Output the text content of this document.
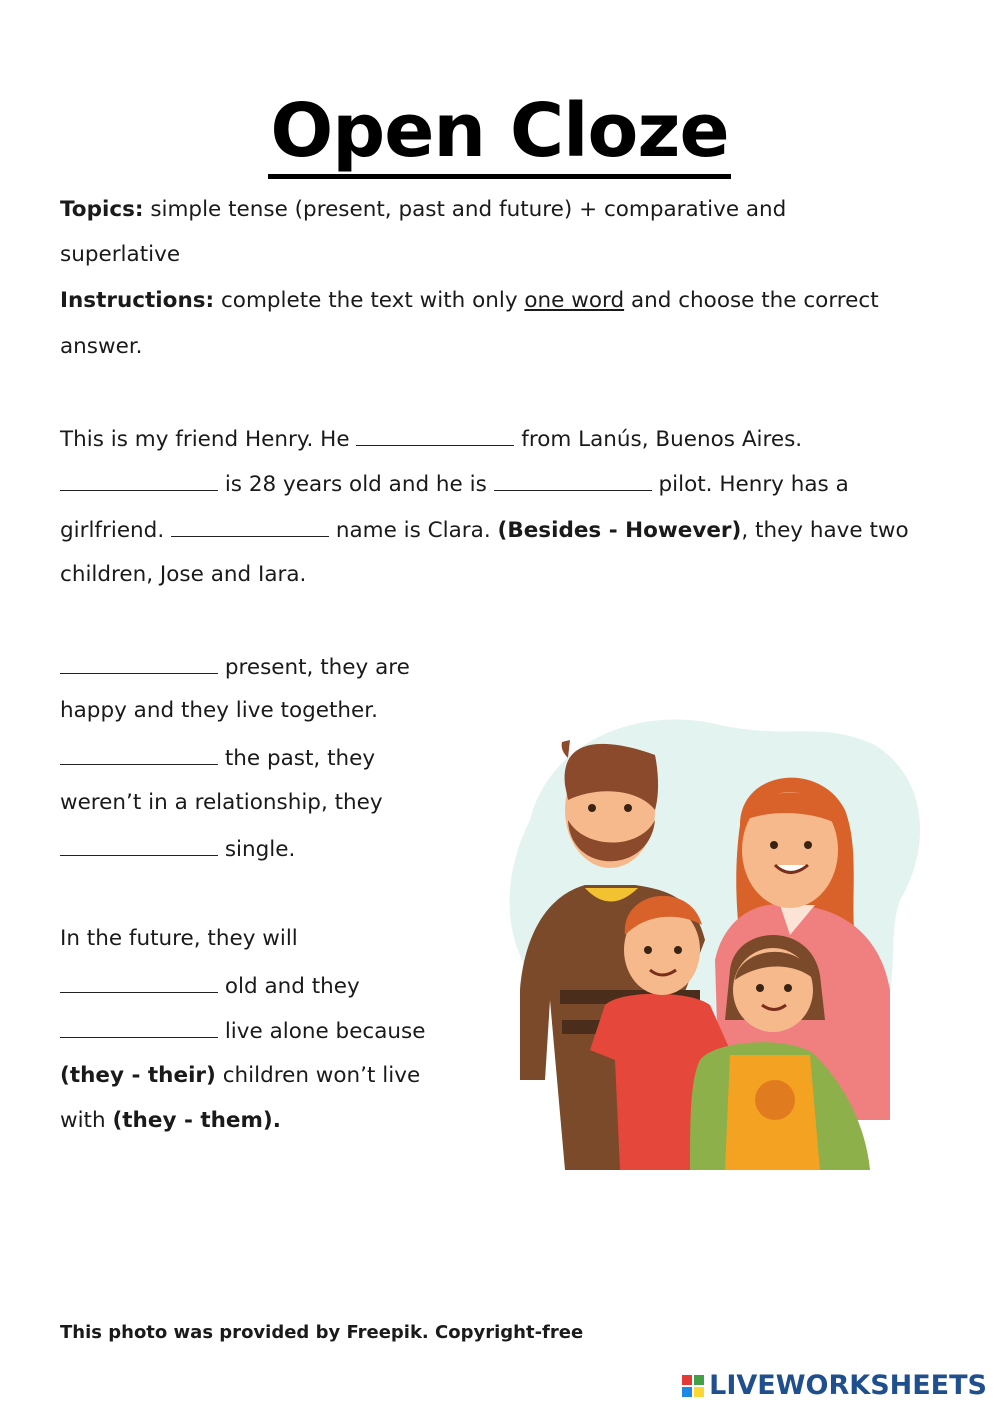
Open Cloze
Topics: simple tense (present, past and future) + comparative and
superlative
Instructions: complete the text with only one word and choose the correct
answer.
This is my friend Henry. He	from Lanús, Buenos Aires.
is 28 years old and he is	pilot. Henry has a
girlfriend.	name is Clara. (Besides - However), they have two
children, Jose and Iara.
present, they are
happy and they live together.
the past, they
weren’t in a relationship, they
single.
In the future, they will
old and they
live alone because
(they - their) children won’t live
with (they - them).
This photo was provided by Freepik. Copyright-free
LIVEWORKSHEETS
